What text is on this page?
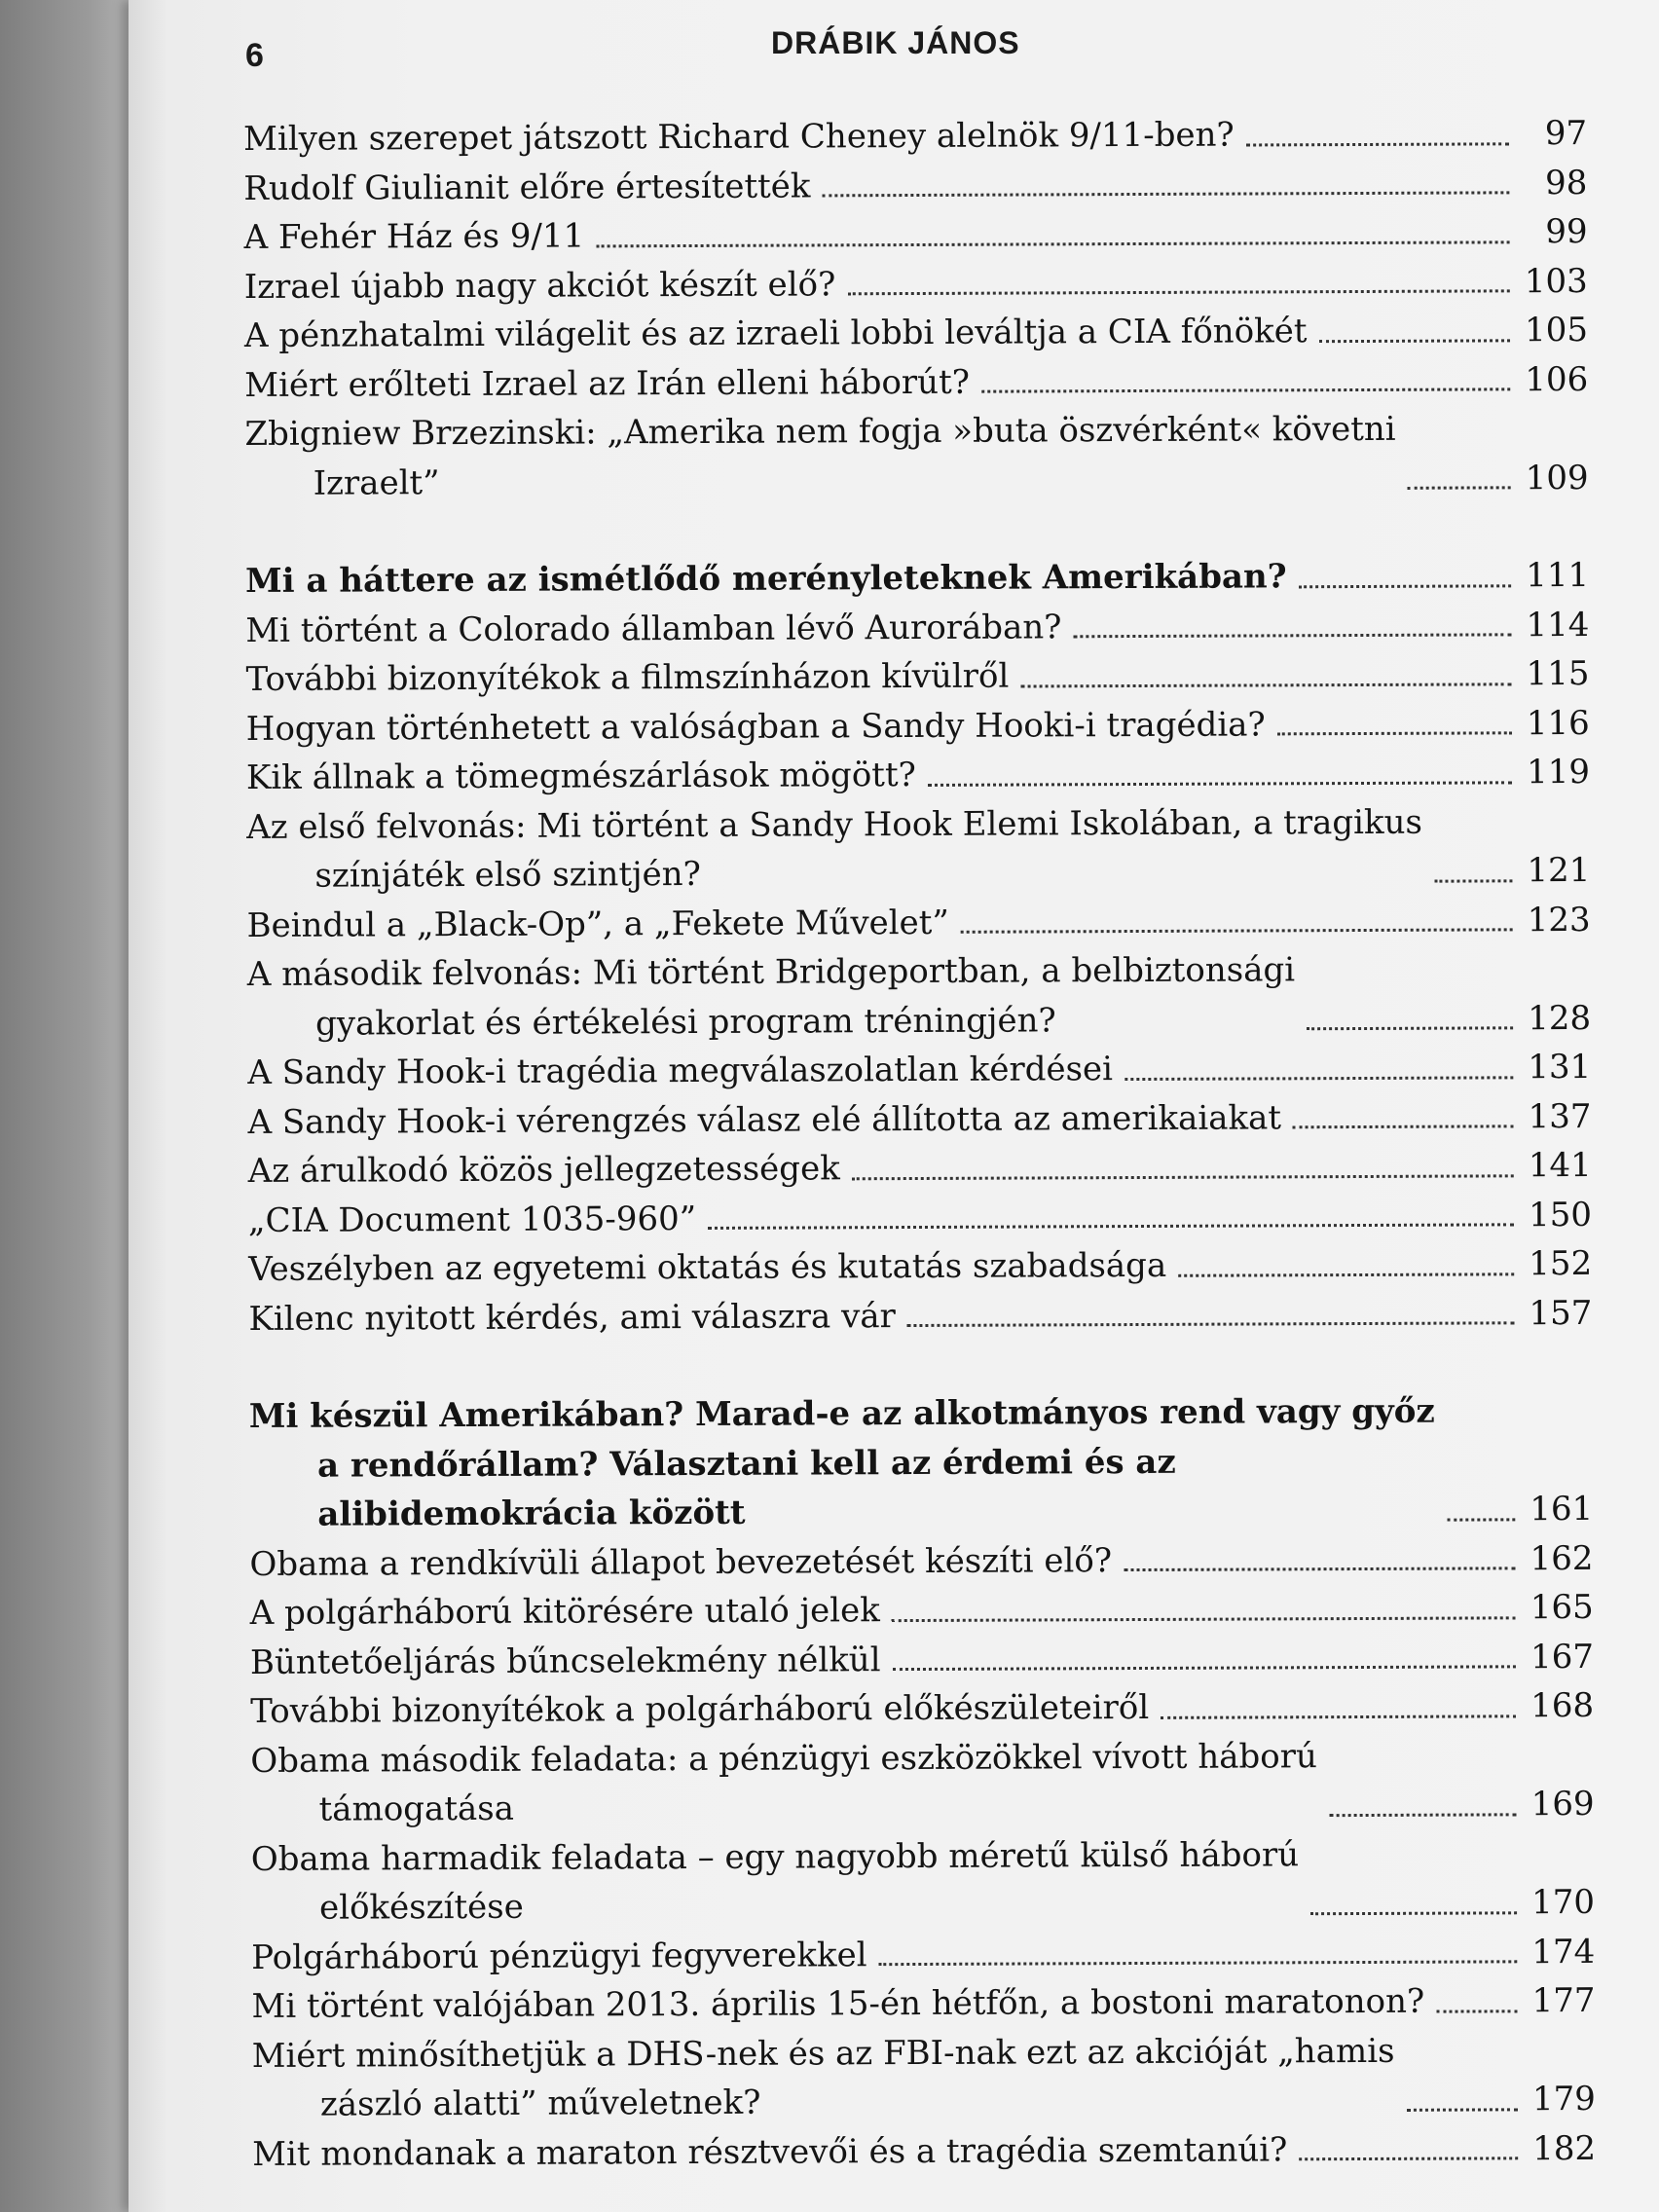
6	DRÁBIK JÁNOS
Milyen szerepet játszott Richard Cheney alelnök 9/11-ben?	97
Rudolf Giulianit előre értesítették	98
A Fehér Ház és 9/11	99
Izrael újabb nagy akciót készít elő?	103
A pénzhatalmi világelit és az izraeli lobbi leváltja a CIA főnökét	105
Miért erőlteti Izrael az Irán elleni háborút?	106
Zbigniew Brzezinski: „Amerika nem fogja »buta öszvérként« követni
Izraelt”	109
Mi a háttere az ismétlődő merényleteknek Amerikában?	111
Mi történt a Colorado államban lévő Aurorában?	114
További bizonyítékok a filmszínházon kívülről	115
Hogyan történhetett a valóságban a Sandy Hooki-i tragédia?	116
Kik állnak a tömegmészárlások mögött?	119
Az első felvonás: Mi történt a Sandy Hook Elemi Iskolában, a tragikus
színjáték első szintjén?	121
Beindul a „Black-Op”, a „Fekete Művelet”	123
A második felvonás: Mi történt Bridgeportban, a belbiztonsági
gyakorlat és értékelési program tréningjén?	128
A Sandy Hook-i tragédia megválaszolatlan kérdései	131
A Sandy Hook-i vérengzés válasz elé állította az amerikaiakat	137
Az árulkodó közös jellegzetességek	141
„CIA Document 1035-960”	150
Veszélyben az egyetemi oktatás és kutatás szabadsága	152
Kilenc nyitott kérdés, ami válaszra vár	157
Mi készül Amerikában? Marad-e az alkotmányos rend vagy győz
a rendőrállam? Választani kell az érdemi és az
alibidemokrácia között	161
Obama a rendkívüli állapot bevezetését készíti elő?	162
A polgárháború kitörésére utaló jelek	165
Büntetőeljárás bűncselekmény nélkül	167
További bizonyítékok a polgárháború előkészületeiről	168
Obama második feladata: a pénzügyi eszközökkel vívott háború
támogatása	169
Obama harmadik feladata – egy nagyobb méretű külső háború
előkészítése	170
Polgárháború pénzügyi fegyverekkel	174
Mi történt valójában 2013. április 15-én hétfőn, a bostoni maratonon?	177
Miért minősíthetjük a DHS-nek és az FBI-nak ezt az akcióját „hamis
zászló alatti” műveletnek?	179
Mit mondanak a maraton résztvevői és a tragédia szemtanúi?	182
